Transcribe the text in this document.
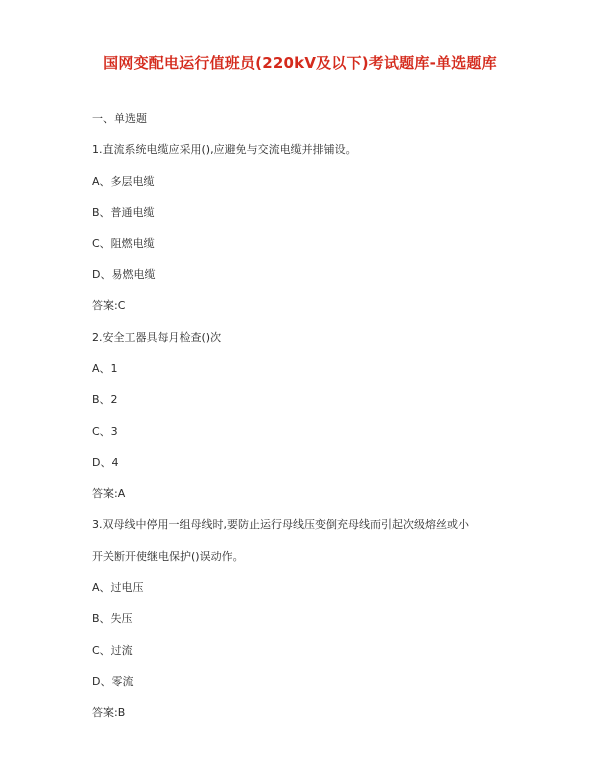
国网变配电运行值班员(220kV及以下)考试题库-单选题库
一、单选题
1.直流系统电缆应采用(),应避免与交流电缆并排铺设。
A、多层电缆
B、普通电缆
C、阻燃电缆
D、易燃电缆
答案:C
2.安全工器具每月检查()次
A、1
B、2
C、3
D、4
答案:A
3.双母线中停用一组母线时,要防止运行母线压变倒充母线而引起次级熔丝或小
开关断开使继电保护()误动作。
A、过电压
B、失压
C、过流
D、零流
答案:B
